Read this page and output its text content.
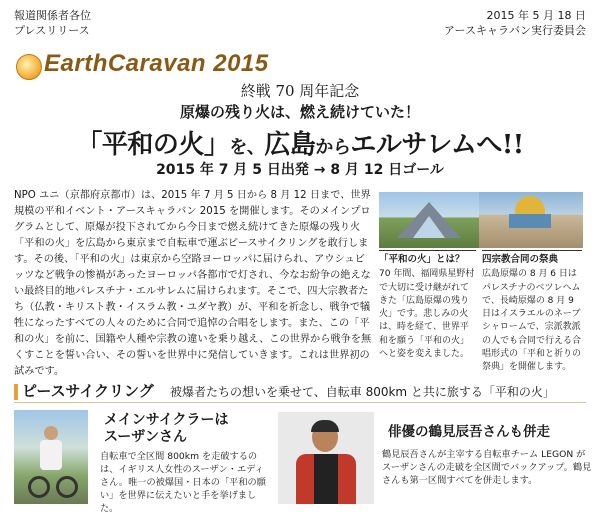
報道関係者各位
プレスリリース
2015 年 5 月 18 日
アースキャラバン実行委員会
EarthCaravan 2015
終戦 70 周年記念
原爆の残り火は、燃え続けていた！
「平和の火」を、広島からエルサレムへ!!
2015 年 7 月 5 日出発 → 8 月 12 日ゴール
NPO ユニ（京都府京都市）は、2015 年 7 月 5 日から 8 月 12 日まで、世界規模の平和イベント・アースキャラバン 2015 を開催します。そのメインプログラムとして、原爆が投下されてから今日まで燃え続けてきた原爆の残り火「平和の火」を広島から東京まで自転車で運ぶピースサイクリングを敢行します。その後、「平和の火」は東京から空路ヨーロッパに届けられ、アウシュビッツなど戦争の惨禍があったヨーロッパ各都市で灯され、今なお紛争の絶えない最終目的地パレスチナ・エルサレムに届けられます。そこで、四大宗教者たち（仏教・キリスト教・イスラム教・ユダヤ教）が、平和を祈念し、戦争で犠牲になったすべての人々のために合同で追悼の合唱をします。また、この「平和の火」を前に、国籍や人種や宗教の違いを乗り越え、この世界から戦争を無くすことを誓い合い、その誓いを世界中に発信していきます。これは世界初の試みです。
「平和の火」とは？
70 年間、福岡県星野村で大切に受け継がれてきた「広島原爆の残り火」です。悲しみの火は、時を経て、世界平和を願う「平和の火」へと姿を変えました。
四宗教合同の祭典
広島原爆の 8 月 6 日はパレスチナのベツレヘムで、長崎原爆の 8 月 9 日はイスラエルのネーブシャロームで、宗派教派の人でも合同で行える合唱形式の「平和と祈りの祭典」を開催します。
ピースサイクリング 被爆者たちの想いを乗せて、自転車 800km と共に旅する「平和の火」
メインサイクラーは
スーザンさん
自転車で全区間 800km を走破するのは、イギリス人女性のスーザン・エディさん。唯一の被爆国・日本の「平和の願い」を世界に伝えたいと手を挙げました。
俳優の鶴見辰吾さんも併走
鶴見辰吾さんが主宰する自転車チーム LEGON がスーザンさんの走破を全区間でバックアップ。鶴見さんも第一区間すべてを併走します。
